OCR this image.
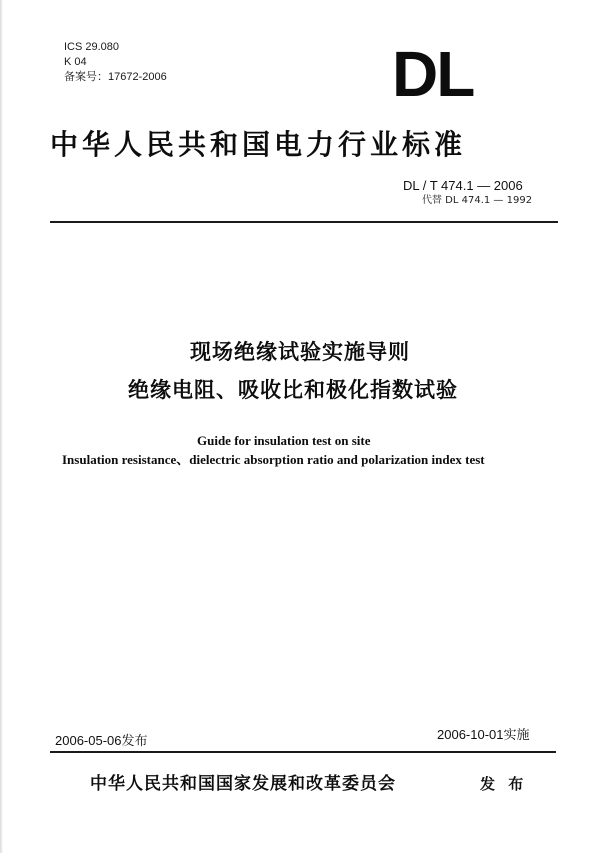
ICS 29.080
K 04
备案号：17672-2006	DL
中华人民共和国电力行业标准
DL / T 474.1 — 2006
代替 DL 474.1 — 1992
现场绝缘试验实施导则
绝缘电阻、吸收比和极化指数试验
Guide for insulation test on site
Insulation resistance、dielectric absorption ratio and polarization index test
2006-05-06发布	2006-10-01实施
中华人民共和国国家发展和改革委员会	发 布
